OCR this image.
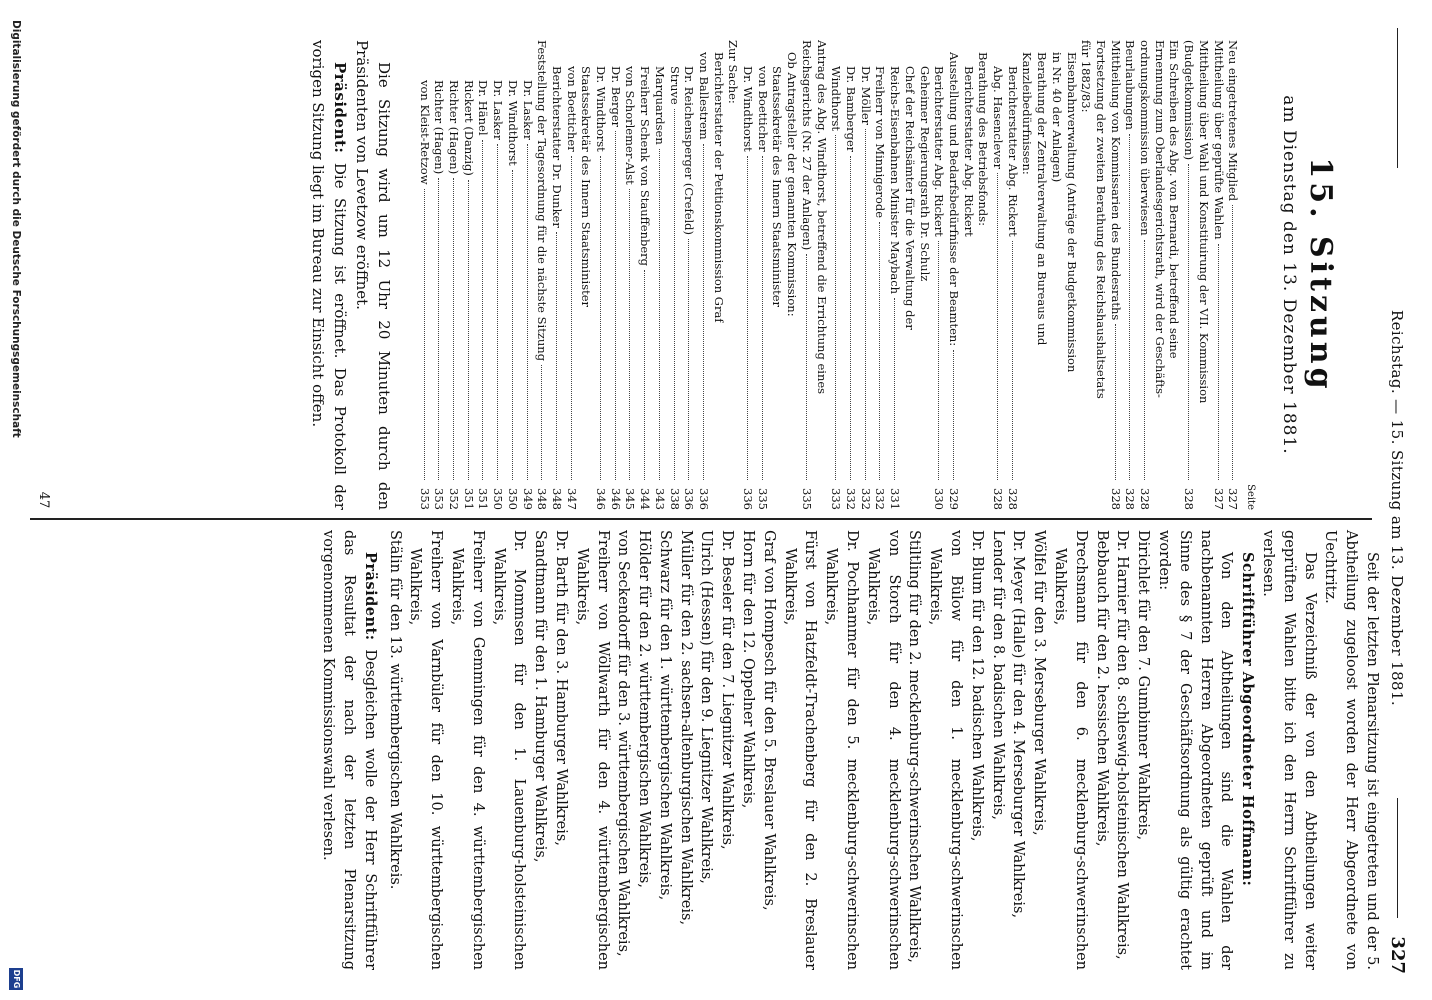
Reichstag. — 15. Sitzung am 13. Dezember 1881.
327
15. Sitzung
am Dienstag den 13. Dezember 1881.
Seite
Neu eingetretenes Mitglied
327
Mittheilung über geprüfte Wahlen
327
Mittheilung über Wahl und Konstituirung der VII. Kommission
(Budgetkommission)
328
Ein Schreiben des Abg. von Bernardi, betreffend seine
Ernennung zum Oberlandesgerichtsrath, wird der Geschäfts-
ordnungskommission überwiesen
328
Beurlaubungen
328
Mittheilung von Kommissarien des Bundesraths
328
Fortsetzung der zweiten Berathung des Reichshaushaltsetats
für 1882/83:
Eisenbahnverwaltung (Anträge der Budgetkommission
in Nr. 40 der Anlagen)
Berathung der Zentralverwaltung an Bureaus und
Kanzleibedürfnissen:
Berichterstatter Abg. Rickert
328
Abg. Hasenclever
328
Berathung des Betriebsfonds:
Berichterstatter Abg. Rickert
Ausstellung und Bedarfsbedürfnisse der Beamten:
329
Berichterstatter Abg. Rickert
330
Geheimer Regierungsrath Dr. Schulz
Chef der Reichsämter für die Verwaltung der
Reichs-Eisenbahnen Minister Maybach
331
Freiherr von Minnigerode
332
Dr. Möller
332
Dr. Bamberger
332
Windthorst
333
Antrag des Abg. Windthorst, betreffend die Errichtung eines
Reichsgerichts (Nr. 27 der Anlagen)
335
Ob Antragsteller der genannten Kommission:
Staatssekretär des Innern Staatsminister
von Boetticher
335
Dr. Windthorst
336
Zur Sache:
Berichterstatter der Petitionskommission Graf
von Ballestrem
336
Dr. Reichensperger (Crefeld)
336
Struve
338
Marquardsen
343
Freiherr Schenk von Stauffenberg
344
von Schorlemer-Alst
345
Dr. Berger
346
Dr. Windthorst
346
Staatssekretär des Innern Staatsminister
von Boetticher
347
Berichterstatter Dr. Dunker
348
Feststellung der Tagesordnung für die nächste Sitzung
348
Dr. Lasker
349
Dr. Windthorst
350
Dr. Lasker
350
Dr. Hänel
351
Rickert (Danzig)
351
Richter (Hagen)
352
Richter (Hagen)
353
von Kleist-Retzow
353

Die Sitzung wird um 12 Uhr 20 Minuten durch den Präsidenten von Levetzow eröffnet.

Präsident: Die Sitzung ist eröffnet. Das Protokoll der vorigen Sitzung liegt im Bureau zur Einsicht offen.

Seit der letzten Plenarsitzung ist eingetreten und der 5. Abtheilung zugeloost worden der Herr Abgeordnete von Uechtritz.

Das Verzeichniß der von den Abtheilungen weiter geprüften Wahlen bitte ich den Herrn Schriftführer zu verlesen.

Schriftführer Abgeordneter Hoffmann:

Von den Abtheilungen sind die Wahlen der nachbenannten Herren Abgeordneten geprüft und im Sinne des § 7 der Geschäftsordnung als gültig erachtet worden:

Dirichlet für den 7. Gumbinner Wahlkreis,

Dr. Harnier für den 8. schleswig-holsteinischen Wahlkreis,

Bebbauch für den 2. hessischen Wahlkreis,

Drechsmann für den 6. mecklenburg-schwerinschen Wahlkreis,

Wölfel für den 3. Merseburger Wahlkreis,

Dr. Meyer (Halle) für den 4. Merseburger Wahlkreis,

Lender für den 8. badischen Wahlkreis,

Dr. Blum für den 12. badischen Wahlkreis,

von Bülow für den 1. mecklenburg-schwerinschen Wahlkreis,

Stiltling für den 2. mecklenburg-schwerinschen Wahlkreis,

von Storch für den 4. mecklenburg-schwerinschen Wahlkreis,

Dr. Pochhammer für den 5. mecklenburg-schwerinschen Wahlkreis,

Fürst von Hatzfeldt-Trachenberg für den 2. Breslauer Wahlkreis,

Graf von Hompesch für den 5. Breslauer Wahlkreis,

Horn für den 12. Oppelner Wahlkreis,

Dr. Beseler für den 7. Liegnitzer Wahlkreis,

Ulrich (Hessen) für den 9. Liegnitzer Wahlkreis,

Müller für den 2. sachsen-altenburgischen Wahlkreis,

Schwarz für den 1. württembergischen Wahlkreis,

Hölder für den 2. württembergischen Wahlkreis,

von Seckendorff für den 3. württembergischen Wahlkreis,

Freiherr von Wöllwarth für den 4. württembergischen Wahlkreis,

Dr. Barth für den 3. Hamburger Wahlkreis,

Sandtmann für den 1. Hamburger Wahlkreis,

Dr. Mommsen für den 1. Lauenburg-holsteinischen Wahlkreis,

Freiherr von Gemmingen für den 4. württembergischen Wahlkreis,

Freiherr von Varnbüler für den 10. württembergischen Wahlkreis,

Stälin für den 13. württembergischen Wahlkreis.

Präsident: Desgleichen wolle der Herr Schriftführer das Resultat der nach der letzten Plenarsitzung vorgenommenen Kommissionswahl verlesen.

47
Digitalisierung gefördert durch die Deutsche Forschungsgemeinschaft
DFG
